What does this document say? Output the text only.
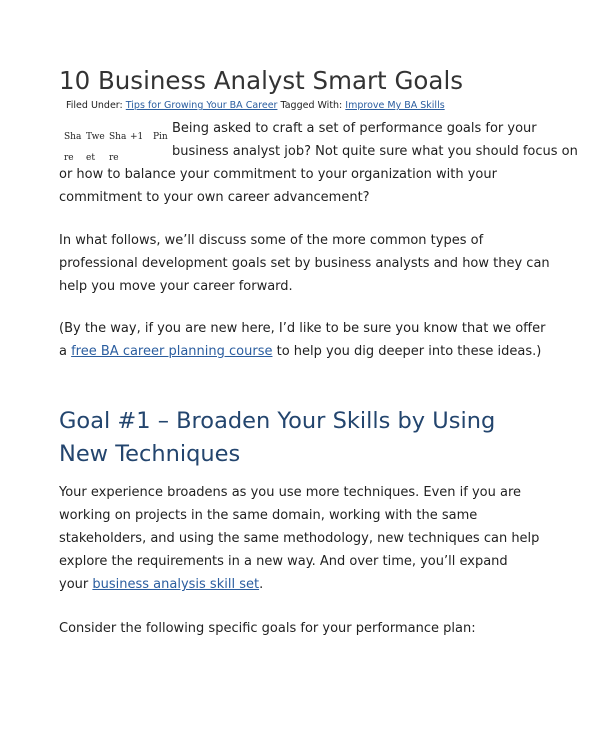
10 Business Analyst Smart Goals
Filed Under: Tips for Growing Your BA Career Tagged With: Improve My BA Skills
Sha
re
Twe
et
Sha
re
+1 Pin
Being asked to craft a set of performance goals for your
business analyst job? Not quite sure what you should focus on
or how to balance your commitment to your organization with your
commitment to your own career advancement?
In what follows, we’ll discuss some of the more common types of
professional development goals set by business analysts and how they can
help you move your career forward.
(By the way, if you are new here, I’d like to be sure you know that we offer
a free BA career planning course to help you dig deeper into these ideas.)
Goal #1 – Broaden Your Skills by Using
New Techniques
Your experience broadens as you use more techniques. Even if you are
working on projects in the same domain, working with the same
stakeholders, and using the same methodology, new techniques can help
explore the requirements in a new way. And over time, you’ll expand
your business analysis skill set.
Consider the following specific goals for your performance plan:
